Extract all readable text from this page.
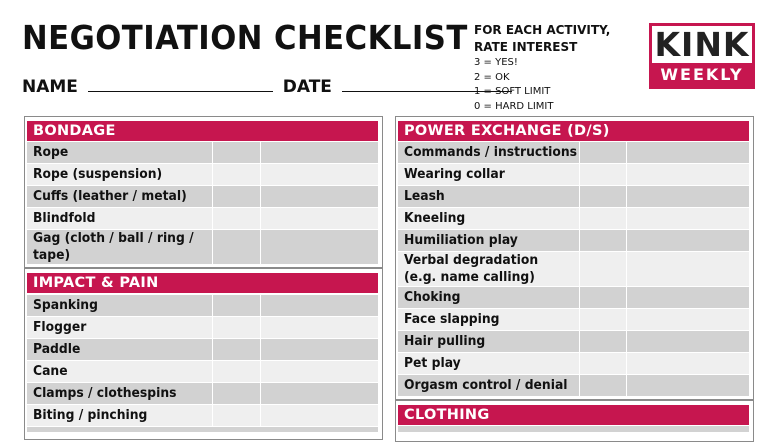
NEGOTIATION CHECKLIST
NAME	DATE
FOR EACH ACTIVITY,
RATE INTEREST
3 = YES!
2 = OK
1 = SOFT LIMIT
0 = HARD LIMIT
KINK
WEEKLY
BONDAGE
Rope
Rope (suspension)
Cuffs (leather / metal)
Blindfold
Gag (cloth / ball / ring /
tape)
IMPACT & PAIN
Spanking
Flogger
Paddle
Cane
Clamps / clothespins
Biting / pinching
POWER EXCHANGE (D/S)
Commands / instructions
Wearing collar
Leash
Kneeling
Humiliation play
Verbal degradation
(e.g. name calling)
Choking
Face slapping
Hair pulling
Pet play
Orgasm control / denial
CLOTHING
